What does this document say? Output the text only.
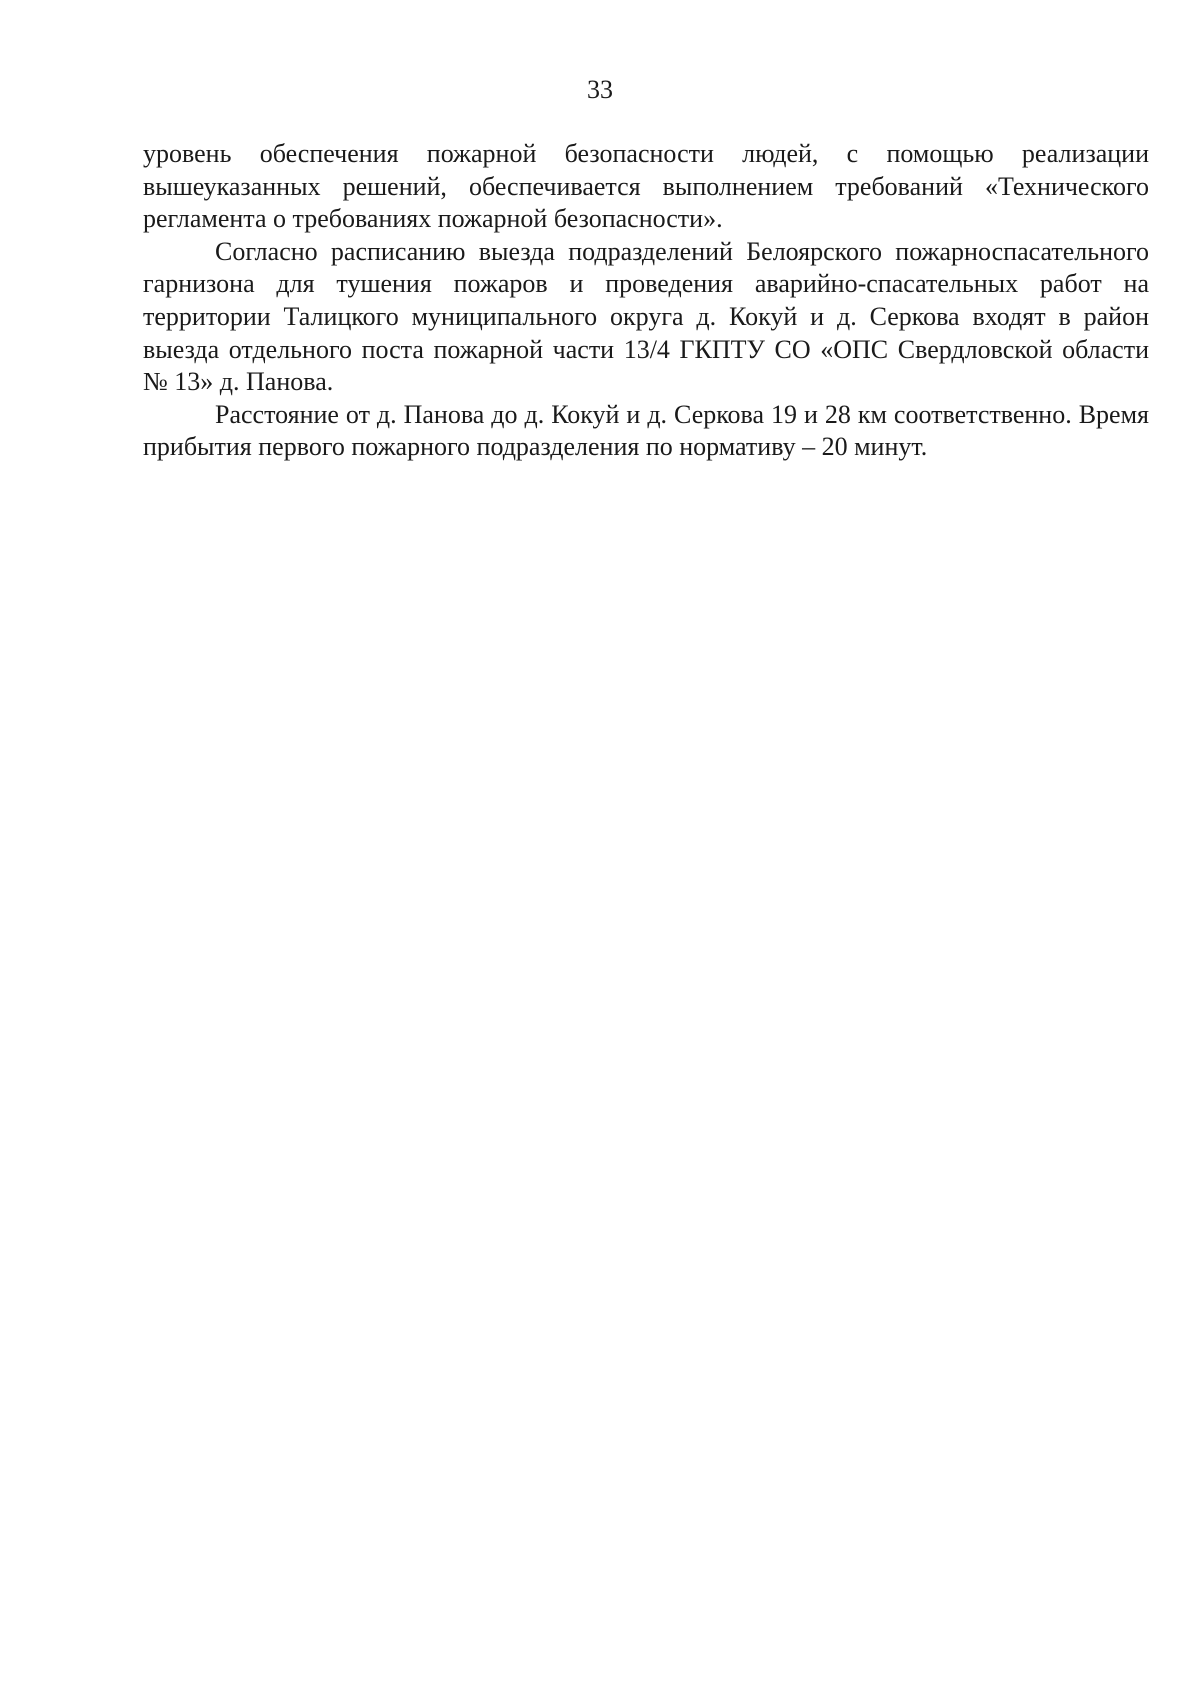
33

уровень обеспечения пожарной безопасности людей, с помощью реализации вышеуказанных решений, обеспечивается выполнением требований «Технического регламента о требованиях пожарной безопасности».

Согласно расписанию выезда подразделений Белоярского пожарноспасательного гарнизона для тушения пожаров и проведения аварийно-спасательных работ на территории Талицкого муниципального округа д. Кокуй и д. Серкова входят в район выезда отдельного поста пожарной части 13/4 ГКПТУ СО «ОПС Свердловской области № 13» д. Панова.

Расстояние от д. Панова до д. Кокуй и д. Серкова 19 и 28 км соответственно. Время прибытия первого пожарного подразделения по нормативу – 20 минут.
